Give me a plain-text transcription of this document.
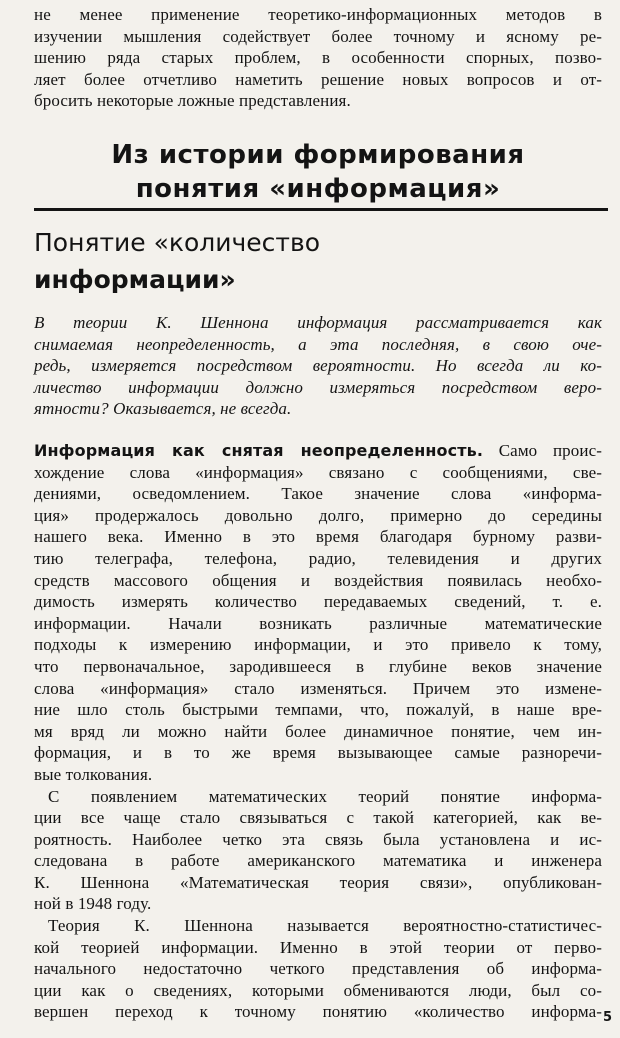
не менее применение теоретико-информационных методов в
изучении мышления содействует более точному и ясному ре-
шению ряда старых проблем, в особенности спорных, позво-
ляет более отчетливо наметить решение новых вопросов и от-
бросить некоторые ложные представления.
Из истории формирования
понятия «информация»
Понятие «количество
информации»
В теории К. Шеннона информация рассматривается как
снимаемая неопределенность, а эта последняя, в свою оче-
редь, измеряется посредством вероятности. Но всегда ли ко-
личество информации должно измеряться посредством веро-
ятности? Оказывается, не всегда.
Информация как снятая неопределенность. Само проис-
хождение слова «информация» связано с сообщениями, све-
дениями, осведомлением. Такое значение слова «информа-
ция» продержалось довольно долго, примерно до середины
нашего века. Именно в это время благодаря бурному разви-
тию телеграфа, телефона, радио, телевидения и других
средств массового общения и воздействия появилась необхо-
димость измерять количество передаваемых сведений, т. е.
информации. Начали возникать различные математические
подходы к измерению информации, и это привело к тому,
что первоначальное, зародившееся в глубине веков значение
слова «информация» стало изменяться. Причем это измене-
ние шло столь быстрыми темпами, что, пожалуй, в наше вре-
мя вряд ли можно найти более динамичное понятие, чем ин-
формация, и в то же время вызывающее самые разноречи-
вые толкования.
С появлением математических теорий понятие информа-
ции все чаще стало связываться с такой категорией, как ве-
роятность. Наиболее четко эта связь была установлена и ис-
следована в работе американского математика и инженера
К. Шеннона «Математическая теория связи», опубликован-
ной в 1948 году.
Теория К. Шеннона называется вероятностно-статистичес-
кой теорией информации. Именно в этой теории от перво-
начального недостаточно четкого представления об информа-
ции как о сведениях, которыми обмениваются люди, был со-
вершен переход к точному понятию «количество информа- 5
